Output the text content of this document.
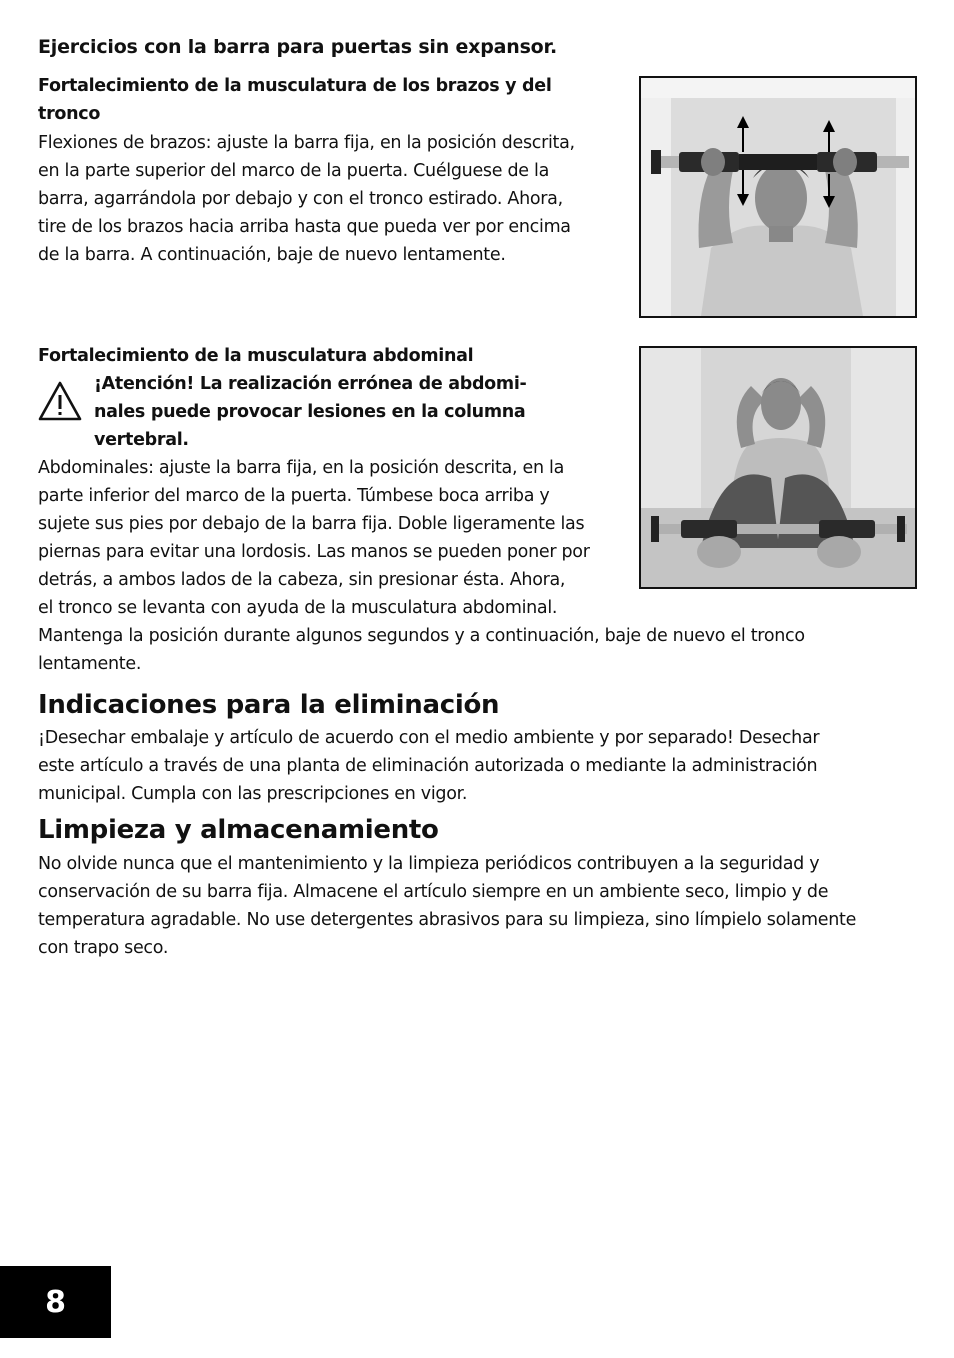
Ejercicios con la barra para puertas sin expansor.
Fortalecimiento de la musculatura de los brazos y del
tronco
Flexiones de brazos: ajuste la barra fija, en la posición descrita,
en la parte superior del marco de la puerta. Cuélguese de la
barra, agarrándola por debajo y con el tronco estirado. Ahora,
tire de los brazos hacia arriba hasta que pueda ver por encima
de la barra. A continuación, baje de nuevo lentamente.
Fortalecimiento de la musculatura abdominal
¡Atención! La realización errónea de abdomi-
nales puede provocar lesiones en la columna
vertebral.
Abdominales: ajuste la barra fija, en la posición descrita, en la
parte inferior del marco de la puerta. Túmbese boca arriba y
sujete sus pies por debajo de la barra fija. Doble ligeramente las
piernas para evitar una lordosis. Las manos se pueden poner por
detrás, a ambos lados de la cabeza, sin presionar ésta. Ahora,
el tronco se levanta con ayuda de la musculatura abdominal.
Mantenga la posición durante algunos segundos y a continuación, baje de nuevo el tronco
lentamente.
Indicaciones para la eliminación
¡Desechar embalaje y artículo de acuerdo con el medio ambiente y por separado! Desechar
este artículo a través de una planta de eliminación autorizada o mediante la administración
municipal. Cumpla con las prescripciones en vigor.
Limpieza y almacenamiento
No olvide nunca que el mantenimiento y la limpieza periódicos contribuyen a la seguridad y
conservación de su barra fija. Almacene el artículo siempre en un ambiente seco, limpio y de
temperatura agradable. No use detergentes abrasivos para su limpieza, sino límpielo solamente
con trapo seco.
8
